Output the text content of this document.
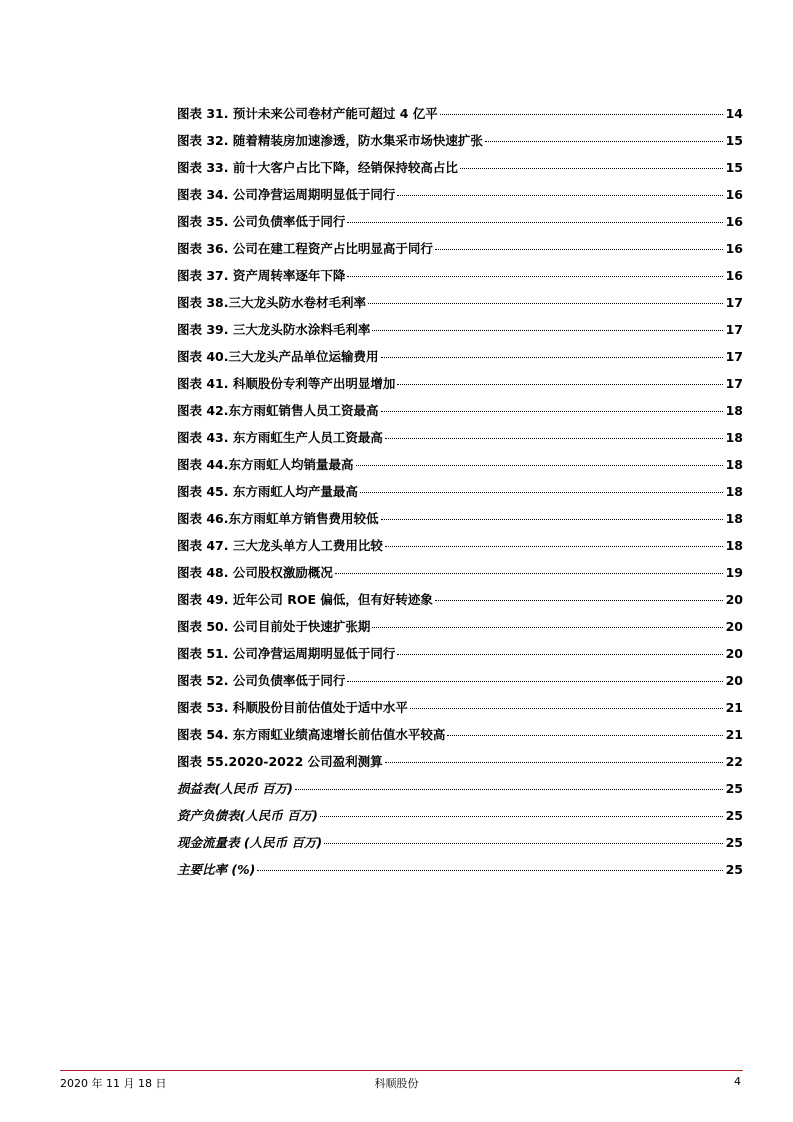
图表 31. 预计未来公司卷材产能可超过 4 亿平	14
图表 32. 随着精装房加速渗透，防水集采市场快速扩张	15
图表 33. 前十大客户占比下降，经销保持较高占比	15
图表 34. 公司净营运周期明显低于同行	16
图表 35. 公司负债率低于同行	16
图表 36. 公司在建工程资产占比明显高于同行	16
图表 37. 资产周转率逐年下降	16
图表 38.三大龙头防水卷材毛利率	17
图表 39. 三大龙头防水涂料毛利率	17
图表 40.三大龙头产品单位运输费用	17
图表 41. 科顺股份专利等产出明显增加	17
图表 42.东方雨虹销售人员工资最高	18
图表 43. 东方雨虹生产人员工资最高	18
图表 44.东方雨虹人均销量最高	18
图表 45. 东方雨虹人均产量最高	18
图表 46.东方雨虹单方销售费用较低	18
图表 47. 三大龙头单方人工费用比较	18
图表 48. 公司股权激励概况	19
图表 49. 近年公司 ROE 偏低，但有好转迹象	20
图表 50. 公司目前处于快速扩张期	20
图表 51. 公司净营运周期明显低于同行	20
图表 52. 公司负债率低于同行	20
图表 53. 科顺股份目前估值处于适中水平	21
图表 54. 东方雨虹业绩高速增长前估值水平较高	21
图表 55.2020-2022 公司盈利测算	22
损益表(人民币 百万)	25
资产负债表(人民币 百万)	25
现金流量表 (人民币 百万)	25
主要比率 (%)	25
2020 年 11 月 18 日	科顺股份	4
